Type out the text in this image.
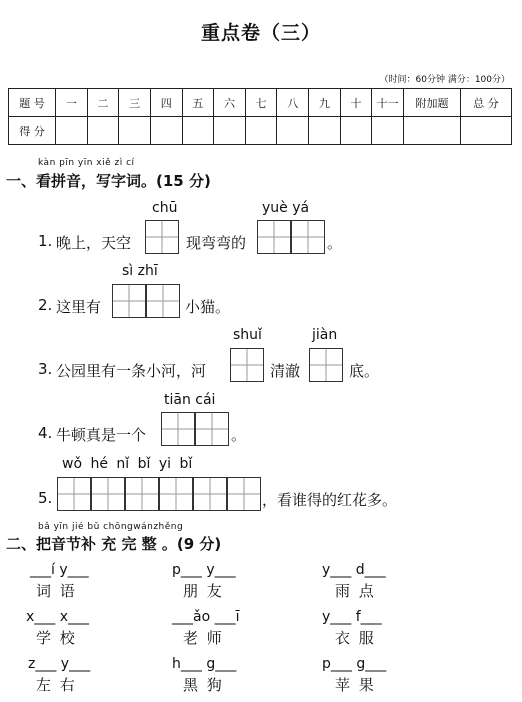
重点卷（三）
（时间：60分钟 满分：100分）
题 号	一	二	三	四	五	六	七	八	九	十	十一	附加题	总 分
得 分													
kàn pīn yīn xiě zì cí
一、看拼音，写字词。(15 分)
chū	yuè yá
1. 晚上，天空	现弯弯的	。
sì zhī
2. 这里有	小猫。
shuǐ	jiàn
3. 公园里有一条小河，河	清澈	底。
tiān cái
4. 牛顿真是一个	。
wǒ hé nǐ bǐ yi bǐ
5.	，看谁得的红花多。
bǎ yīn jié bǔ chōngwánzhěng
二、把音节补 充 完 整 。(9 分)
___í y___
词 语
p___ y___
朋 友
y___ d___
雨 点
x___ x___
学 校
___ǎo ___ī
老 师
y___ f___
衣 服
z___ y___
左 右
h___ g___
黑 狗
p___ g___
苹 果
